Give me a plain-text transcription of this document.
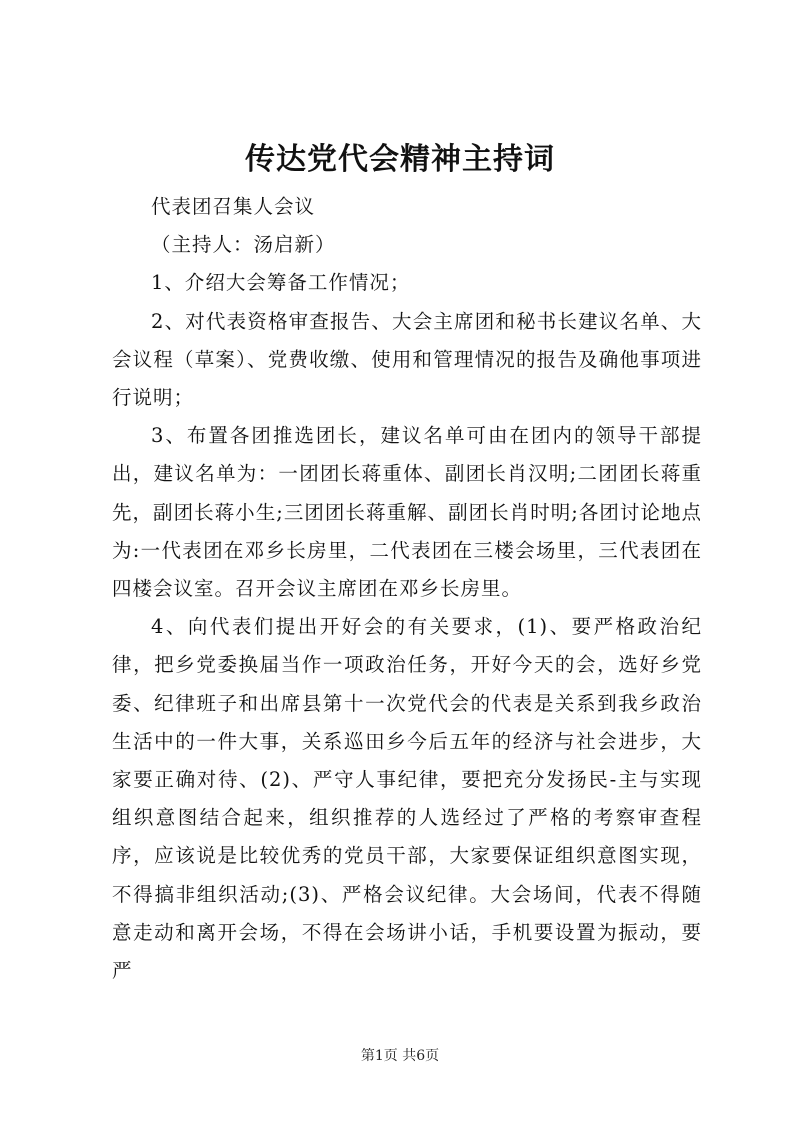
传达党代会精神主持词

代表团召集人会议

（主持人：汤启新）

1、介绍大会筹备工作情况；

2、对代表资格审查报告、大会主席团和秘书长建议名单、大会议程（草案）、党费收缴、使用和管理情况的报告及确他事项进行说明；

3、布置各团推选团长，建议名单可由在团内的领导干部提出，建议名单为：一团团长蒋重体、副团长肖汉明;二团团长蒋重先，副团长蒋小生;三团团长蒋重解、副团长肖时明;各团讨论地点为:一代表团在邓乡长房里，二代表团在三楼会场里，三代表团在四楼会议室。召开会议主席团在邓乡长房里。

4、向代表们提出开好会的有关要求，(1)、要严格政治纪律，把乡党委换届当作一项政治任务，开好今天的会，选好乡党委、纪律班子和出席县第十一次党代会的代表是关系到我乡政治生活中的一件大事，关系巡田乡今后五年的经济与社会进步，大家要正确对待、(2)、严守人事纪律，要把充分发扬民-主与实现组织意图结合起来，组织推荐的人选经过了严格的考察审查程序，应该说是比较优秀的党员干部，大家要保证组织意图实现，不得搞非组织活动;(3)、严格会议纪律。大会场间，代表不得随意走动和离开会场，不得在会场讲小话，手机要设置为振动，要严

第1页 共6页
